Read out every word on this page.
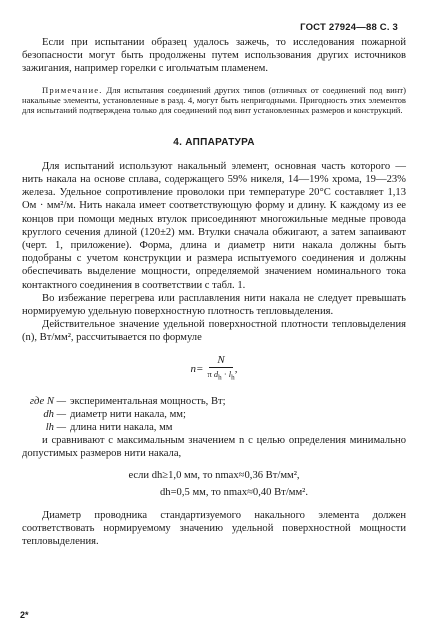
ГОСТ 27924—88 С. 3

Если при испытании образец удалось зажечь, то исследования пожарной безопасности могут быть продолжены путем использования других источников зажигания, например горелки с игольчатым пламенем.

Примечание. Для испытания соединений других типов (отличных от соединений под винт) накальные элементы, установленные в разд. 4, могут быть непригодными. Пригодность этих элементов для испытаний подтверждена только для соединений под винт установленных размеров и конструкций.

4. АППАРАТУРА

Для испытаний используют накальный элемент, основная часть которого — нить накала на основе сплава, содержащего 59% никеля, 14—19% хрома, 19—23% железа. Удельное сопротивление проволоки при температуре 20°С составляет 1,13 Ом · мм²/м. Нить накала имеет соответствующую форму и длину. К каждому из ее концов при помощи медных втулок присоединяют многожильные медные провода круглого сечения длиной (120±2) мм. Втулки сначала обжигают, а затем запаивают (черт. 1, приложение). Форма, длина и диаметр нити накала должны быть подобраны с учетом конструкции и размера испытуемого соединения и должны обеспечивать выделение мощности, определяемой значением номинального тока контактного соединения в соответствии с табл. 1.

Во избежание перегрева или расплавления нити накала не следует превышать нормируемую удельную поверхностную плотность тепловыделения.

Действительное значение удельной поверхностной плотности тепловыделения (n), Вт/мм², рассчитывается по формуле

$n= \frac{N}{\pi d_h \cdot l_h}$ ,
где N — экспериментальная мощность, Вт;
dh — диаметр нити накала, мм;
lh — длина нити накала, мм

и сравнивают с максимальным значением n с целью определения минимально допустимых размеров нити накала,

если dh≥1,0 мм, то nmax≈0,36 Вт/мм²,
dh=0,5 мм, то nmax≈0,40 Вт/мм².

Диаметр проводника стандартизуемого накального элемента должен соответствовать нормируемому значению удельной поверхностной мощности тепловыделения.

2*
